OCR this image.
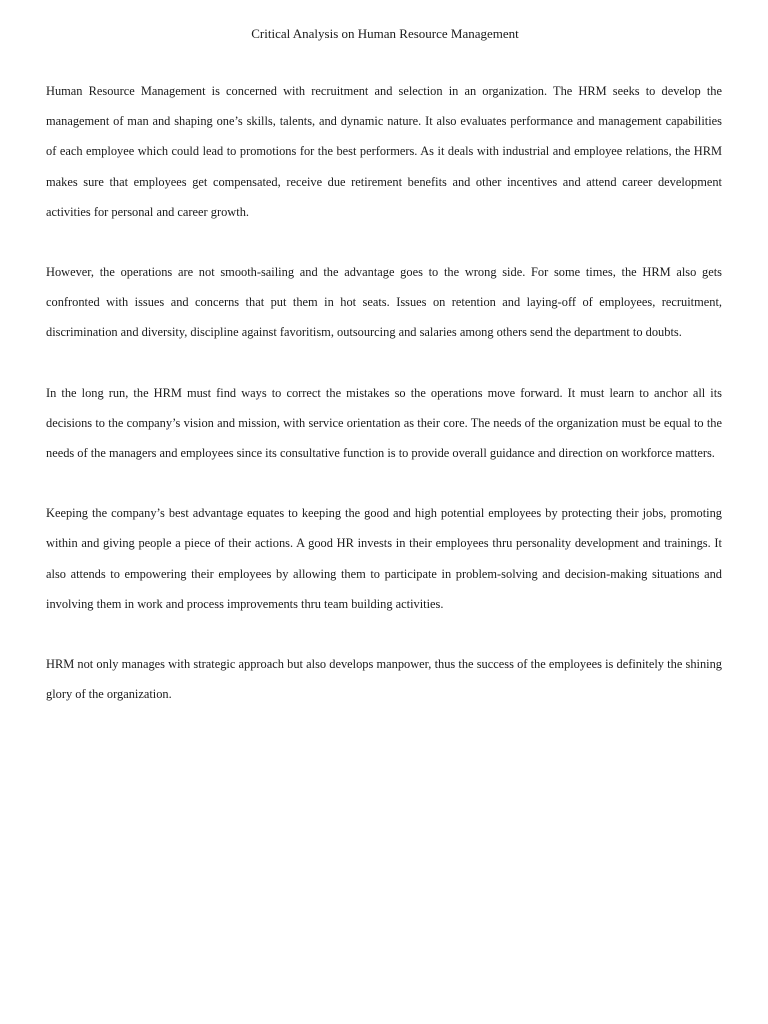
Critical Analysis on Human Resource Management

Human Resource Management is concerned with recruitment and selection in an organization. The HRM seeks to develop the management of man and shaping one’s skills, talents, and dynamic nature. It also evaluates performance and management capabilities of each employee which could lead to promotions for the best performers. As it deals with industrial and employee relations, the HRM makes sure that employees get compensated, receive due retirement benefits and other incentives and attend career development activities for personal and career growth.

However, the operations are not smooth-sailing and the advantage goes to the wrong side. For some times, the HRM also gets confronted with issues and concerns that put them in hot seats. Issues on retention and laying-off of employees, recruitment, discrimination and diversity, discipline against favoritism, outsourcing and salaries among others send the department to doubts.

In the long run, the HRM must find ways to correct the mistakes so the operations move forward. It must learn to anchor all its decisions to the company’s vision and mission, with service orientation as their core. The needs of the organization must be equal to the needs of the managers and employees since its consultative function is to provide overall guidance and direction on workforce matters.

Keeping the company’s best advantage equates to keeping the good and high potential employees by protecting their jobs, promoting within and giving people a piece of their actions. A good HR invests in their employees thru personality development and trainings. It also attends to empowering their employees by allowing them to participate in problem-solving and decision-making situations and involving them in work and process improvements thru team building activities.

HRM not only manages with strategic approach but also develops manpower, thus the success of the employees is definitely the shining glory of the organization.
